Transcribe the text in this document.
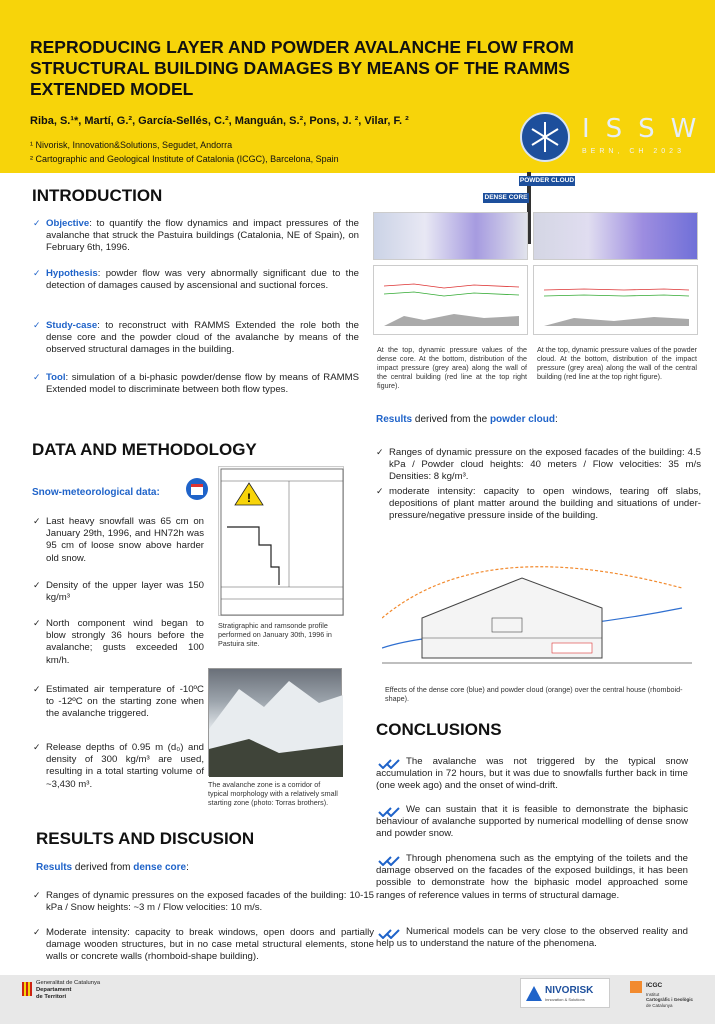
REPRODUCING LAYER AND POWDER AVALANCHE FLOW FROM
STRUCTURAL BUILDING DAMAGES BY MEANS OF THE RAMMS
EXTENDED MODEL
Riba, S.¹*, Martí, G.², García-Sellés, C.², Manguán, S.², Pons, J. ², Vilar, F. ²
¹ Nivorisk, Innovation&Solutions, Segudet, Andorra
² Cartographic and Geological Institute of Catalonia (ICGC), Barcelona, Spain
ISSW
BERN, CH 2023
INTRODUCTION
✓ Objective: to quantify the flow dynamics and impact pressures of the avalanche that struck the Pastuira buildings (Catalonia, NE of Spain), on February 6th, 1996.
✓ Hypothesis: powder flow was very abnormally significant due to the detection of damages caused by ascensional and suctional forces.
✓ Study-case: to reconstruct with RAMMS Extended the role both the dense core and the powder cloud of the avalanche by means of the observed structural damages in the building.
✓ Tool: simulation of a bi-phasic powder/dense flow by means of RAMMS Extended model to discriminate between both flow types.
DATA AND METHODOLOGY
Snow-meteorological data:
✓ Last heavy snowfall was 65 cm on January 29th, 1996, and HN72h was 95 cm of loose snow above harder old snow.
✓ Density of the upper layer was 150 kg/m³
✓ North component wind began to blow strongly 36 hours before the avalanche; gusts exceeded 100 km/h.
✓ Estimated air temperature of -10ºC to -12ºC on the starting zone when the avalanche triggered.
✓ Release depths of 0.95 m (d₀) and density of 300 kg/m³ are used, resulting in a total starting volume of ~3,430 m³.
!
Stratigraphic and ramsonde profile performed on January 30th, 1996 in Pastuira site.
The avalanche zone is a corridor of typical morphology with a relatively small starting zone (photo: Torras brothers).
RESULTS AND DISCUSION
Results derived from dense core:
✓ Ranges of dynamic pressures on the exposed facades of the building: 10-15 kPa / Snow heights: ~3 m / Flow velocities: 10 m/s.
✓ Moderate intensity: capacity to break windows, open doors and partially damage wooden structures, but in no case metal structural elements, stone walls or concrete walls (rhomboid-shape building).
POWDER CLOUD
DENSE CORE
At the top, dynamic pressure values of the dense core. At the bottom, distribution of the impact pressure (grey area) along the wall of the central building (red line at the top right figure).
At the top, dynamic pressure values of the powder cloud. At the bottom, distribution of the impact pressure (grey area) along the wall of the central building (red line at the top right figure).
Results derived from the powder cloud:
✓ Ranges of dynamic pressure on the exposed facades of the building: 4.5 kPa / Powder cloud heights: 40 meters / Flow velocities: 35 m/s Densities: 8 kg/m³.
✓ moderate intensity: capacity to open windows, tearing off slabs, depositions of plant matter around the building and situations of under-pressure/negative pressure inside of the building.
Effects of the dense core (blue) and powder cloud (orange) over the central house (rhomboid-shape).
CONCLUSIONS
The avalanche was not triggered by the typical snow accumulation in 72 hours, but it was due to snowfalls further back in time (one week ago) and the onset of wind-drift.
We can sustain that it is feasible to demonstrate the biphasic behaviour of avalanche supported by numerical modelling of dense snow and powder snow.
Through phenomena such as the emptying of the toilets and the damage observed on the facades of the exposed buildings, it has been possible to demonstrate how the biphasic model approached some ranges of reference values in terms of structural damage.
Numerical models can be very close to the observed reality and help us to understand the nature of the phenomena.
Generalitat de Catalunya
Departament
de Territori
NIVORISK
Innovation & Solutions
ICGC
Institut
Cartogràfic i Geològic
de Catalunya
